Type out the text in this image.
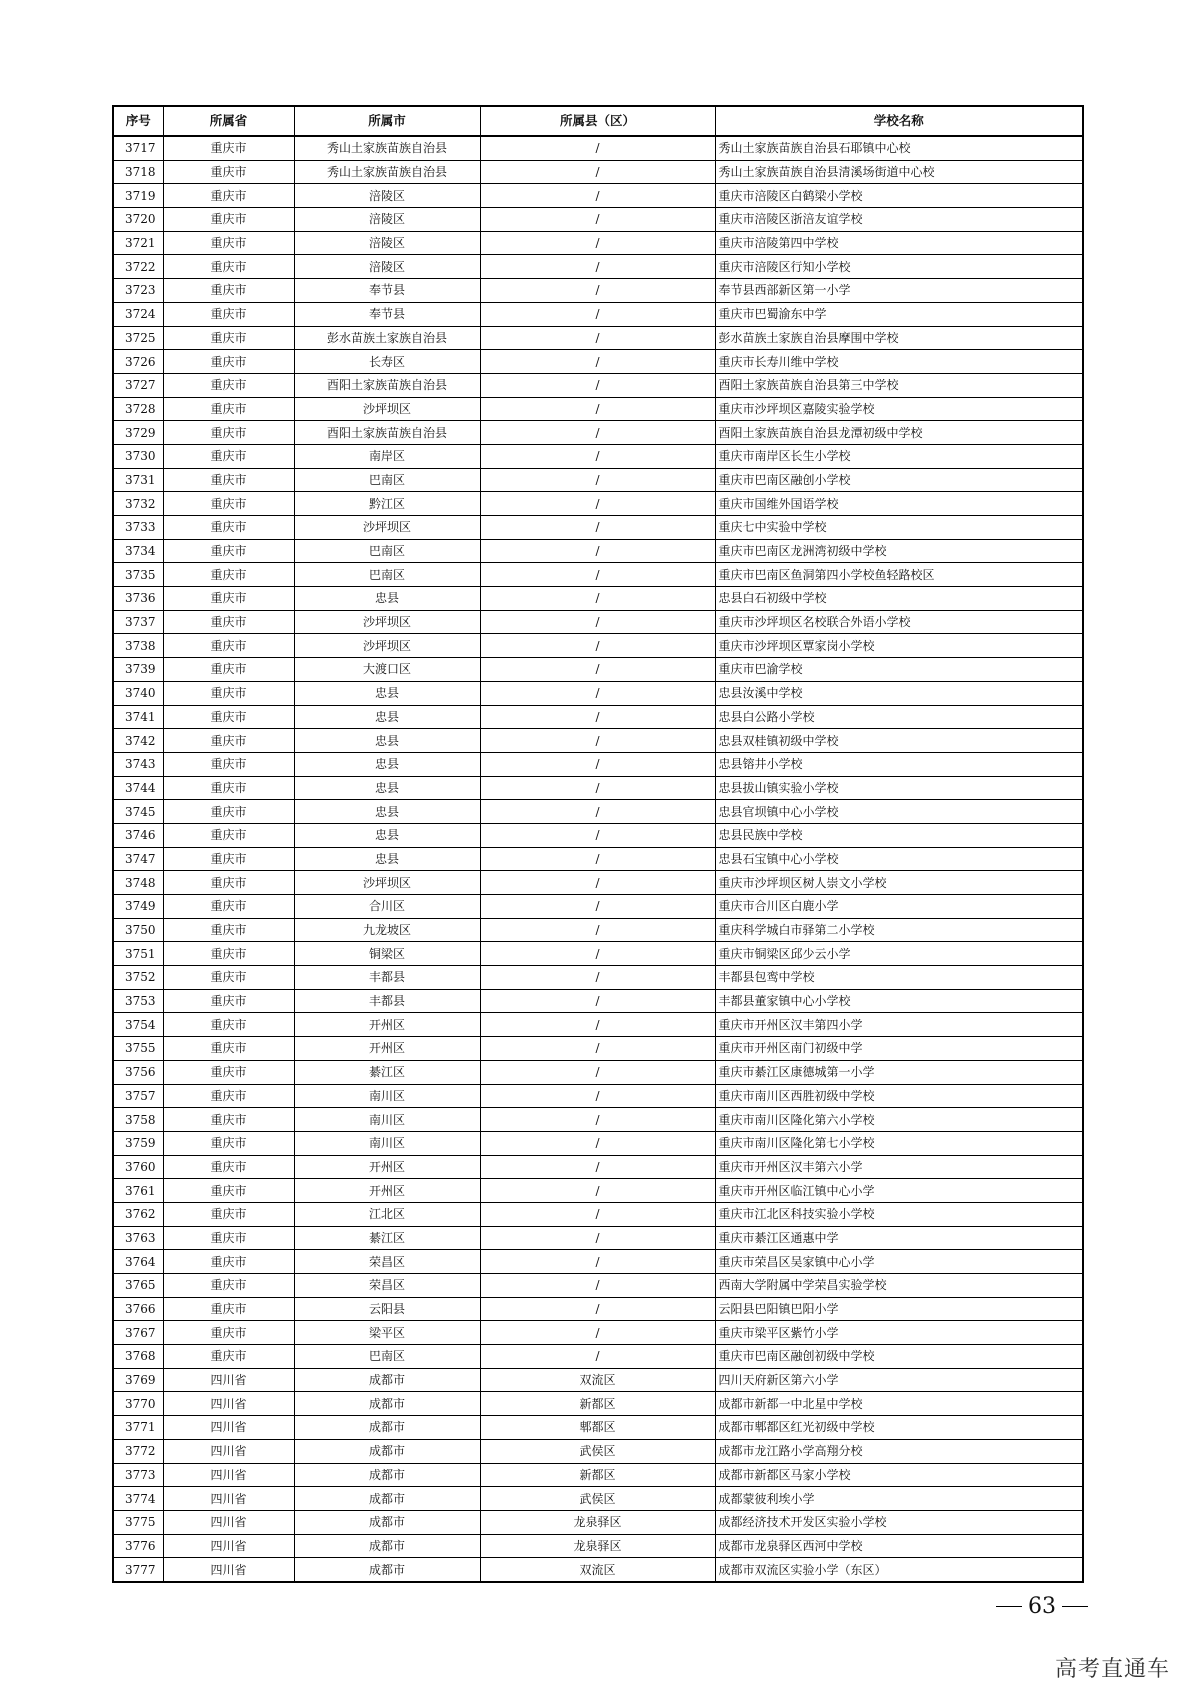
序号	所属省	所属市	所属县（区）	学校名称
3717	重庆市	秀山土家族苗族自治县	/	秀山土家族苗族自治县石耶镇中心校
3718	重庆市	秀山土家族苗族自治县	/	秀山土家族苗族自治县清溪场街道中心校
3719	重庆市	涪陵区	/	重庆市涪陵区白鹤梁小学校
3720	重庆市	涪陵区	/	重庆市涪陵区浙涪友谊学校
3721	重庆市	涪陵区	/	重庆市涪陵第四中学校
3722	重庆市	涪陵区	/	重庆市涪陵区行知小学校
3723	重庆市	奉节县	/	奉节县西部新区第一小学
3724	重庆市	奉节县	/	重庆市巴蜀渝东中学
3725	重庆市	彭水苗族土家族自治县	/	彭水苗族土家族自治县摩围中学校
3726	重庆市	长寿区	/	重庆市长寿川维中学校
3727	重庆市	酉阳土家族苗族自治县	/	酉阳土家族苗族自治县第三中学校
3728	重庆市	沙坪坝区	/	重庆市沙坪坝区嘉陵实验学校
3729	重庆市	酉阳土家族苗族自治县	/	酉阳土家族苗族自治县龙潭初级中学校
3730	重庆市	南岸区	/	重庆市南岸区长生小学校
3731	重庆市	巴南区	/	重庆市巴南区融创小学校
3732	重庆市	黔江区	/	重庆市国维外国语学校
3733	重庆市	沙坪坝区	/	重庆七中实验中学校
3734	重庆市	巴南区	/	重庆市巴南区龙洲湾初级中学校
3735	重庆市	巴南区	/	重庆市巴南区鱼洞第四小学校鱼轻路校区
3736	重庆市	忠县	/	忠县白石初级中学校
3737	重庆市	沙坪坝区	/	重庆市沙坪坝区名校联合外语小学校
3738	重庆市	沙坪坝区	/	重庆市沙坪坝区覃家岗小学校
3739	重庆市	大渡口区	/	重庆市巴渝学校
3740	重庆市	忠县	/	忠县汝溪中学校
3741	重庆市	忠县	/	忠县白公路小学校
3742	重庆市	忠县	/	忠县双桂镇初级中学校
3743	重庆市	忠县	/	忠县镕井小学校
3744	重庆市	忠县	/	忠县拔山镇实验小学校
3745	重庆市	忠县	/	忠县官坝镇中心小学校
3746	重庆市	忠县	/	忠县民族中学校
3747	重庆市	忠县	/	忠县石宝镇中心小学校
3748	重庆市	沙坪坝区	/	重庆市沙坪坝区树人崇文小学校
3749	重庆市	合川区	/	重庆市合川区白鹿小学
3750	重庆市	九龙坡区	/	重庆科学城白市驿第二小学校
3751	重庆市	铜梁区	/	重庆市铜梁区邱少云小学
3752	重庆市	丰都县	/	丰都县包鸾中学校
3753	重庆市	丰都县	/	丰都县董家镇中心小学校
3754	重庆市	开州区	/	重庆市开州区汉丰第四小学
3755	重庆市	开州区	/	重庆市开州区南门初级中学
3756	重庆市	綦江区	/	重庆市綦江区康德城第一小学
3757	重庆市	南川区	/	重庆市南川区西胜初级中学校
3758	重庆市	南川区	/	重庆市南川区隆化第六小学校
3759	重庆市	南川区	/	重庆市南川区隆化第七小学校
3760	重庆市	开州区	/	重庆市开州区汉丰第六小学
3761	重庆市	开州区	/	重庆市开州区临江镇中心小学
3762	重庆市	江北区	/	重庆市江北区科技实验小学校
3763	重庆市	綦江区	/	重庆市綦江区通惠中学
3764	重庆市	荣昌区	/	重庆市荣昌区吴家镇中心小学
3765	重庆市	荣昌区	/	西南大学附属中学荣昌实验学校
3766	重庆市	云阳县	/	云阳县巴阳镇巴阳小学
3767	重庆市	梁平区	/	重庆市梁平区紫竹小学
3768	重庆市	巴南区	/	重庆市巴南区融创初级中学校
3769	四川省	成都市	双流区	四川天府新区第六小学
3770	四川省	成都市	新都区	成都市新都一中北星中学校
3771	四川省	成都市	郫都区	成都市郫都区红光初级中学校
3772	四川省	成都市	武侯区	成都市龙江路小学高翔分校
3773	四川省	成都市	新都区	成都市新都区马家小学校
3774	四川省	成都市	武侯区	成都蒙彼利埃小学
3775	四川省	成都市	龙泉驿区	成都经济技术开发区实验小学校
3776	四川省	成都市	龙泉驿区	成都市龙泉驿区西河中学校
3777	四川省	成都市	双流区	成都市双流区实验小学（东区）
63
高考直通车
